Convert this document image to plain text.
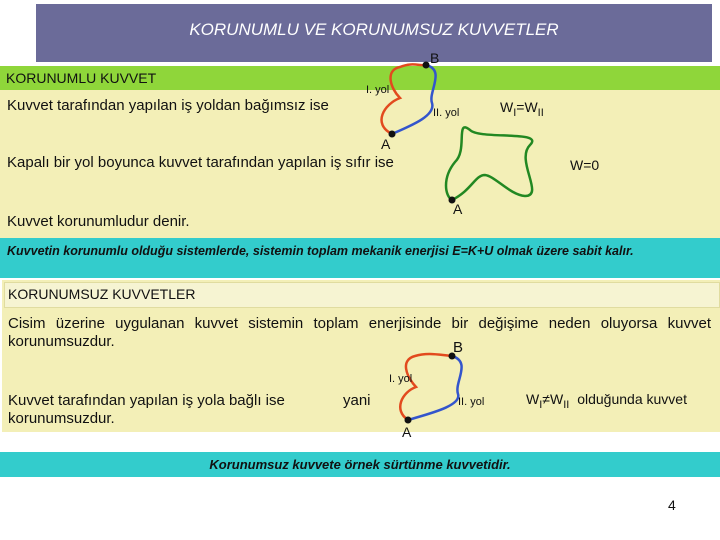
KORUNUMLU VE KORUNUMSUZ KUVVETLER
KORUNUMLU KUVVET
Kuvvet tarafından yapılan iş yoldan bağımsız ise
Kapalı bir yol boyunca kuvvet tarafından yapılan iş sıfır ise
Kuvvet korunumludur denir.
B
A
I. yol
II. yol	$W_I=W_{II}$
A
W=0
Kuvvetin korunumlu olduğu sistemlerde, sistemin toplam mekanik enerjisi E=K+U olmak üzere sabit kalır.
KORUNUMSUZ KUVVETLER
Cisim üzerine uygulanan kuvvet sistemin toplam enerjisinde bir değişime neden oluyorsa kuvvet korunumsuzdur.
Kuvvet tarafından yapılan iş yola bağlı ise	yani
korunumsuzdur.
B
A
I. yol
II. yol	$W_I\ne W_{II}$ olduğunda kuvvet
Korunumsuz kuvvete örnek sürtünme kuvvetidir.
4
